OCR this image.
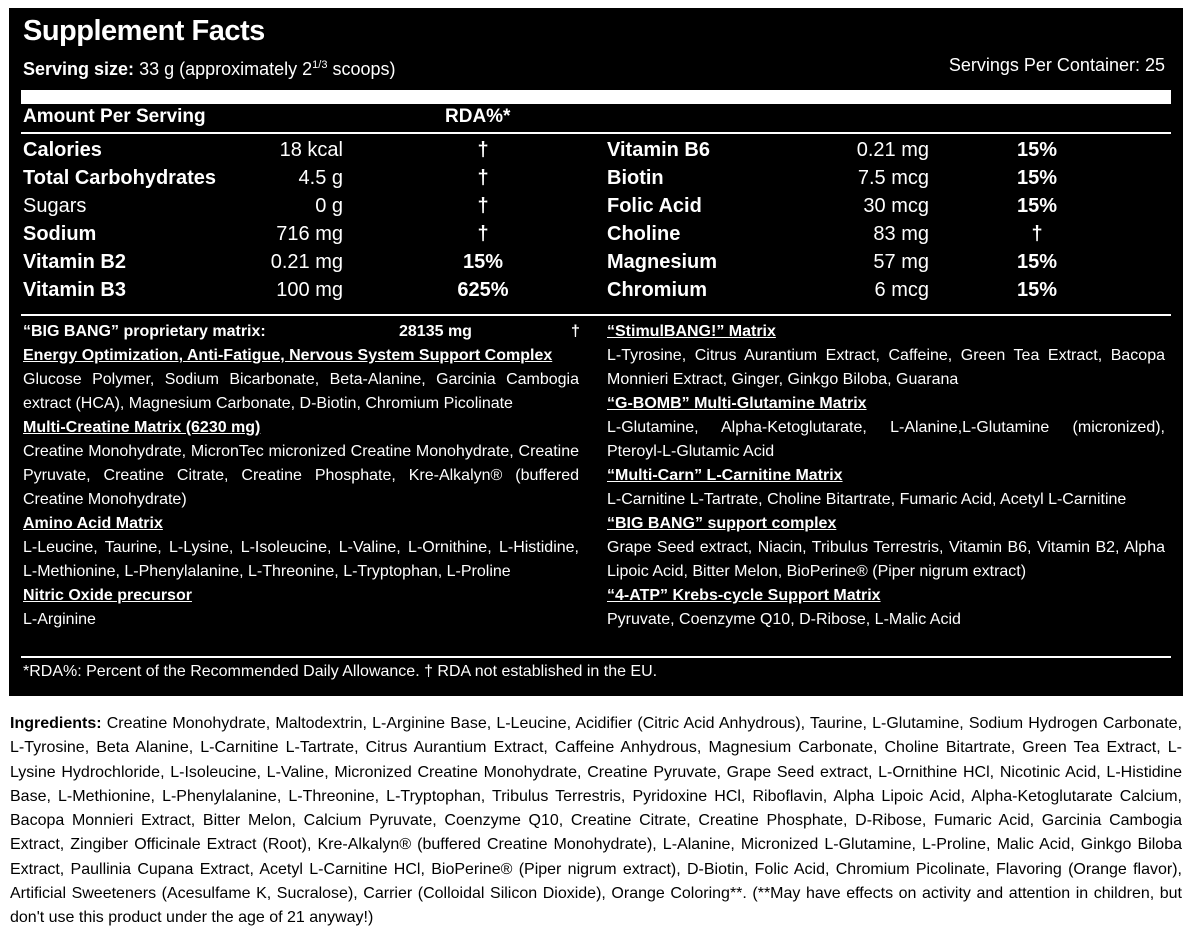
Supplement Facts
Serving size: 33 g (approximately $2^{1/3}$ scoops)	Servings Per Container: 25
Amount Per Serving	RDA%*
Calories	18 kcal	†
Total Carbohydrates	4.5 g	†
Sugars	0 g	†
Sodium	716 mg	†
Vitamin B2	0.21 mg	15%
Vitamin B3	100 mg	625%
Vitamin B6	0.21 mg	15%
Biotin	7.5 mcg	15%
Folic Acid	30 mcg	15%
Choline	83 mg	†
Magnesium	57 mg	15%
Chromium	6 mcg	15%
“BIG BANG” proprietary matrix:	28135 mg	†
Energy Optimization, Anti-Fatigue, Nervous System Support Complex
Glucose Polymer, Sodium Bicarbonate, Beta-Alanine, Garcinia Cambogia extract (HCA), Magnesium Carbonate, D-Biotin, Chromium Picolinate
Multi-Creatine Matrix (6230 mg)
Creatine Monohydrate, MicronTec micronized Creatine Monohydrate, Creatine Pyruvate, Creatine Citrate, Creatine Phosphate, Kre-Alkalyn® (buffered Creatine Monohydrate)
Amino Acid Matrix
L-Leucine, Taurine, L-Lysine, L-Isoleucine, L-Valine, L-Ornithine, L-Histidine, L-Methionine, L-Phenylalanine, L-Threonine, L-Tryptophan, L-Proline
Nitric Oxide precursor
L-Arginine
“StimulBANG!” Matrix
L-Tyrosine, Citrus Aurantium Extract, Caffeine, Green Tea Extract, Bacopa Monnieri Extract, Ginger, Ginkgo Biloba, Guarana
“G-BOMB” Multi-Glutamine Matrix
L-Glutamine, Alpha-Ketoglutarate, L-Alanine,L-Glutamine (micronized), Pteroyl-L-Glutamic Acid
“Multi-Carn” L-Carnitine Matrix
L-Carnitine L-Tartrate, Choline Bitartrate, Fumaric Acid, Acetyl L-Carnitine
“BIG BANG” support complex
Grape Seed extract, Niacin, Tribulus Terrestris, Vitamin B6, Vitamin B2, Alpha Lipoic Acid, Bitter Melon, BioPerine® (Piper nigrum extract)
“4-ATP” Krebs-cycle Support Matrix
Pyruvate, Coenzyme Q10, D-Ribose, L-Malic Acid
*RDA%: Percent of the Recommended Daily Allowance. † RDA not established in the EU.
Ingredients: Creatine Monohydrate, Maltodextrin, L-Arginine Base, L-Leucine, Acidifier (Citric Acid Anhydrous), Taurine, L-Glutamine, Sodium Hydrogen Carbonate, L-Tyrosine, Beta Alanine, L-Carnitine L-Tartrate, Citrus Aurantium Extract, Caffeine Anhydrous, Magnesium Carbonate, Choline Bitartrate, Green Tea Extract, L-Lysine Hydrochloride, L-Isoleucine, L-Valine, Micronized Creatine Monohydrate, Creatine Pyruvate, Grape Seed extract, L-Ornithine HCl, Nicotinic Acid, L-Histidine Base, L-Methionine, L-Phenylalanine, L-Threonine, L-Tryptophan, Tribulus Terrestris, Pyridoxine HCl, Riboflavin, Alpha Lipoic Acid, Alpha-Ketoglutarate Calcium, Bacopa Monnieri Extract, Bitter Melon, Calcium Pyruvate, Coenzyme Q10, Creatine Citrate, Creatine Phosphate, D-Ribose, Fumaric Acid, Garcinia Cambogia Extract, Zingiber Officinale Extract (Root), Kre-Alkalyn® (buffered Creatine Monohydrate), L-Alanine, Micronized L-Glutamine, L-Proline, Malic Acid, Ginkgo Biloba Extract, Paullinia Cupana Extract, Acetyl L-Carnitine HCl, BioPerine® (Piper nigrum extract), D-Biotin, Folic Acid, Chromium Picolinate, Flavoring (Orange flavor), Artificial Sweeteners (Acesulfame K, Sucralose), Carrier (Colloidal Silicon Dioxide), Orange Coloring**. (**May have effects on activity and attention in children, but don't use this product under the age of 21 anyway!)
